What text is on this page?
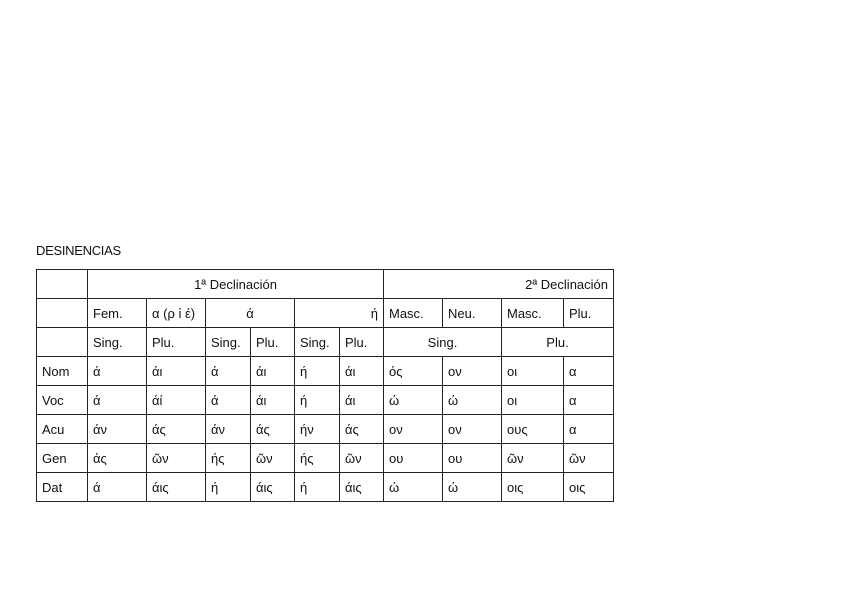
DESINENCIAS
	1ª Declinación						2ª Declinación			
	Fem.	α (ρ ἰ έ)	ά		ή		Masc.	Neu.	Masc.	Plu.
	Sing.	Plu.	Sing.	Plu.	Sing.	Plu.	Sing.		Plu.	
Nom	ά	άι	ά	άι	ή	άι	ός	ον	οι	α
Voc	ά	άί	ά	άι	ή	άι	ώ	ώ	οι	α
Acu	άν	άς	άν	άς	ήν	άς	ον	ον	ους	α
Gen	άς	ῶν	ής	ῶν	ής	ῶν	ου	ου	ῶν	ῶν
Dat	ά	άις	ή	άις	ή	άις	ώ	ώ	οις	οις
